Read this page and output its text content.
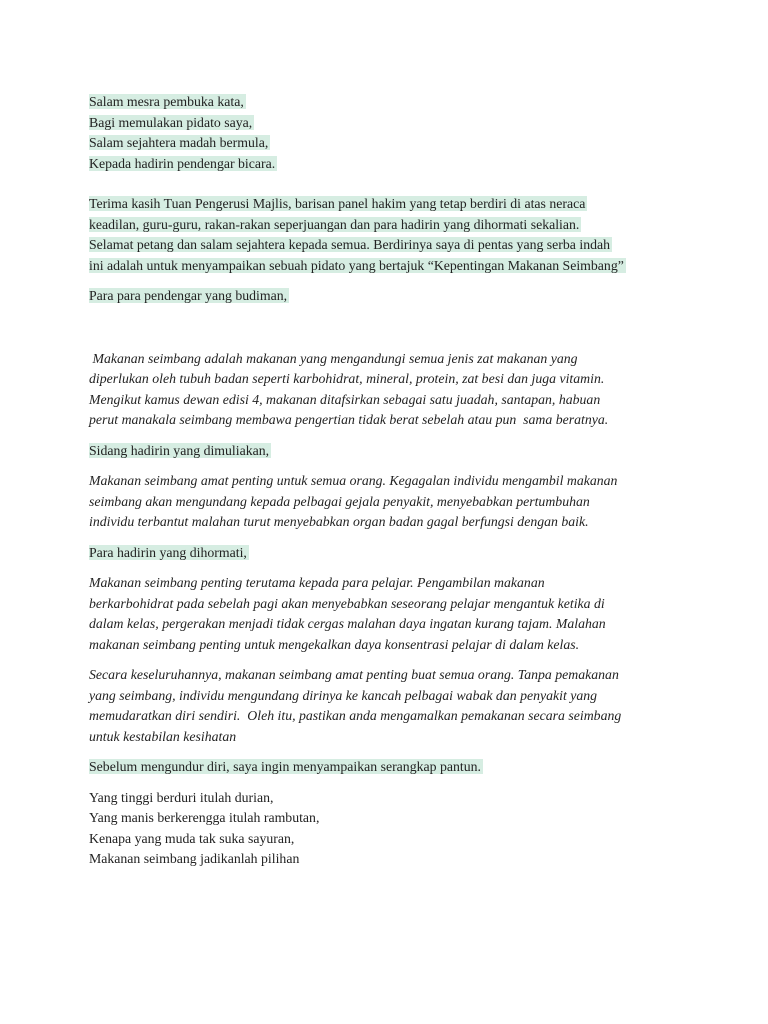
Salam mesra pembuka kata,
Bagi memulakan pidato saya,
Salam sejahtera madah bermula,
Kepada hadirin pendengar bicara.
Terima kasih Tuan Pengerusi Majlis, barisan panel hakim yang tetap berdiri di atas neraca
keadilan, guru-guru, rakan-rakan seperjuangan dan para hadirin yang dihormati sekalian.
Selamat petang dan salam sejahtera kepada semua. Berdirinya saya di pentas yang serba indah
ini adalah untuk menyampaikan sebuah pidato yang bertajuk “Kepentingan Makanan Seimbang”
Para para pendengar yang budiman,
Makanan seimbang adalah makanan yang mengandungi semua jenis zat makanan yang
diperlukan oleh tubuh badan seperti karbohidrat, mineral, protein, zat besi dan juga vitamin.
Mengikut kamus dewan edisi 4, makanan ditafsirkan sebagai satu juadah, santapan, habuan
perut manakala seimbang membawa pengertian tidak berat sebelah atau pun  sama beratnya.
Sidang hadirin yang dimuliakan,
Makanan seimbang amat penting untuk semua orang. Kegagalan individu mengambil makanan
seimbang akan mengundang kepada pelbagai gejala penyakit, menyebabkan pertumbuhan
individu terbantut malahan turut menyebabkan organ badan gagal berfungsi dengan baik.
Para hadirin yang dihormati,
Makanan seimbang penting terutama kepada para pelajar. Pengambilan makanan
berkarbohidrat pada sebelah pagi akan menyebabkan seseorang pelajar mengantuk ketika di
dalam kelas, pergerakan menjadi tidak cergas malahan daya ingatan kurang tajam. Malahan
makanan seimbang penting untuk mengekalkan daya konsentrasi pelajar di dalam kelas.
Secara keseluruhannya, makanan seimbang amat penting buat semua orang. Tanpa pemakanan
yang seimbang, individu mengundang dirinya ke kancah pelbagai wabak dan penyakit yang
memudaratkan diri sendiri.  Oleh itu, pastikan anda mengamalkan pemakanan secara seimbang
untuk kestabilan kesihatan
Sebelum mengundur diri, saya ingin menyampaikan serangkap pantun.
Yang tinggi berduri itulah durian,
Yang manis berkerengga itulah rambutan,
Kenapa yang muda tak suka sayuran,
Makanan seimbang jadikanlah pilihan
